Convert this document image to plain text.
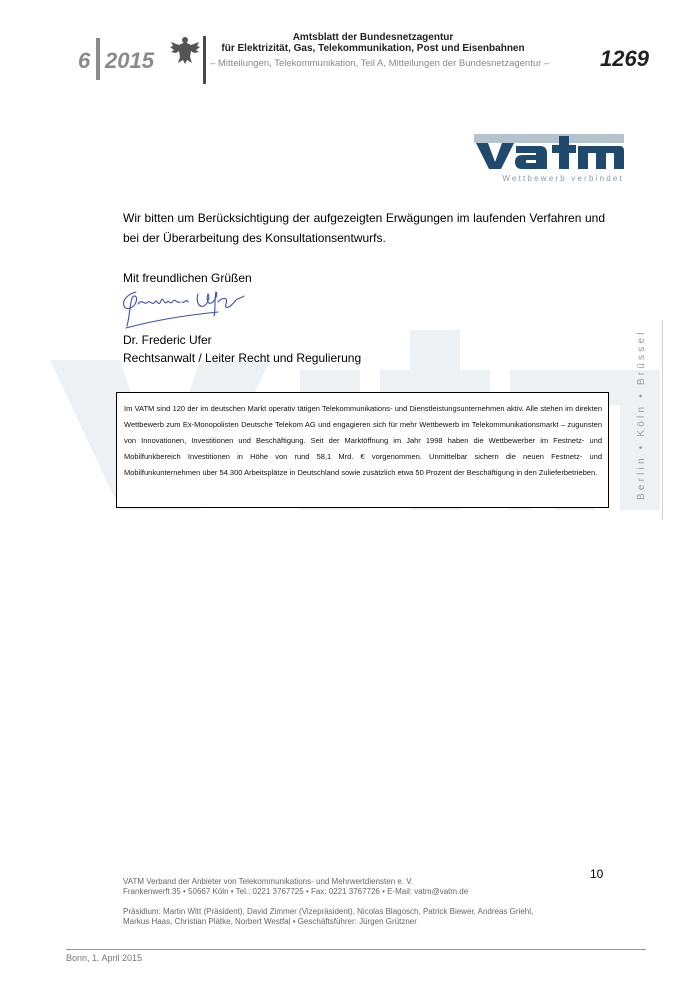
6 2015
Amtsblatt der Bundesnetzagentur
für Elektrizität, Gas, Telekommunikation, Post und Eisenbahnen
– Mitteilungen, Telekommunikation, Teil A, Mitteilungen der Bundesnetzagentur – 1269
Wettbewerb verbindet
Wir bitten um Berücksichtigung der aufgezeigten Erwägungen im laufenden Verfahren und bei der Überarbeitung des Konsultationsentwurfs.
Mit freundlichen Grüßen
Dr. Frederic Ufer
Rechtsanwalt / Leiter Recht und Regulierung
Im VATM sind 120 der im deutschen Markt operativ tätigen Telekommunikations- und Dienstleistungsunternehmen aktiv. Alle stehen im direkten Wettbewerb zum Ex-Monopolisten Deutsche Telekom AG und engagieren sich für mehr Wettbewerb im Telekommunikationsmarkt – zugunsten von Innovationen, Investitionen und Beschäftigung. Seit der Marktöffnung im Jahr 1998 haben die Wettbewerber im Festnetz- und Mobilfunkbereich Investitionen in Höhe von rund 58,1 Mrd. € vorgenommen. Unmittelbar sichern die neuen Festnetz- und Mobilfunkunternehmen über 54.300 Arbeitsplätze in Deutschland sowie zusätzlich etwa 50 Prozent der Beschäftigung in den Zulieferbetrieben.	Berlin • Köln • Brüssel
10
VATM Verband der Anbieter von Telekommunikations- und Mehrwertdiensten e. V.
Frankenwerft 35 • 50667 Köln • Tel.: 0221 3767725 • Fax: 0221 3767726 • E-Mail: vatm@vatm.de
Präsidium: Martin Witt (Präsident), David Zimmer (Vizepräsident), Nicolas Blagosch, Patrick Biewer, Andreas Griehl,
Markus Haas, Christian Plätke, Norbert Westfal • Geschäftsführer: Jürgen Grützner
Bonn, 1. April 2015
